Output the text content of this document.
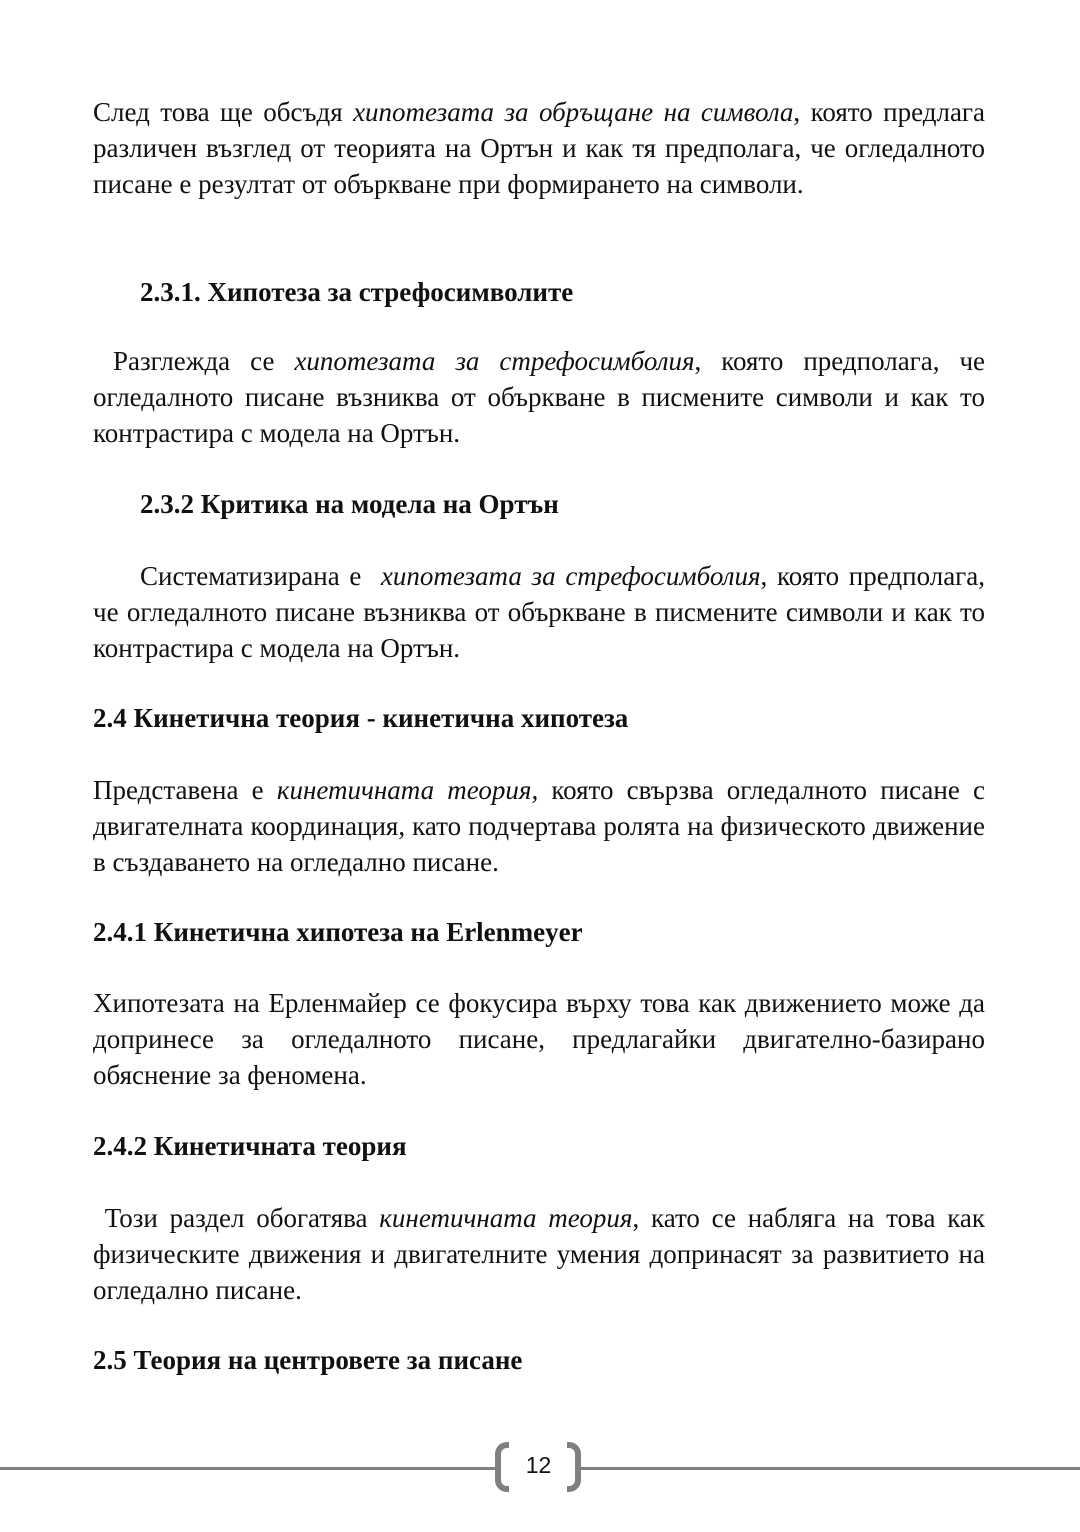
След това ще обсъдя хипотезата за обръщане на символа, която предлага различен възглед от теорията на Ортън и как тя предполага, че огледалното писане е резултат от объркване при формирането на символи.

2.3.1. Хипотеза за стрефосимволите

Разглежда се хипотезата за стрефосимболия, която предполага, че огледалното писане възниква от объркване в писмените символи и как то контрастира с модела на Ортън.

2.3.2 Критика на модела на Ортън

Систематизирана е  хипотезата за стрефосимболия, която предполага, че огледалното писане възниква от объркване в писмените символи и как то контрастира с модела на Ортън.

2.4 Кинетична теория - кинетична хипотеза

Представена е кинетичната теория, която свързва огледалното писане с двигателната координация, като подчертава ролята на физическото движение в създаването на огледално писане.

2.4.1 Кинетична хипотеза на Erlenmeyer

Хипотезата на Ерленмайер се фокусира върху това как движението може да допринесе за огледалното писане, предлагайки двигателно-базирано обяснение за феномена.

2.4.2 Кинетичната теория

Този раздел обогатява кинетичната теория, като се набляга на това как физическите движения и двигателните умения допринасят за развитието на огледално писане.

2.5 Теория на центровете за писане
12
